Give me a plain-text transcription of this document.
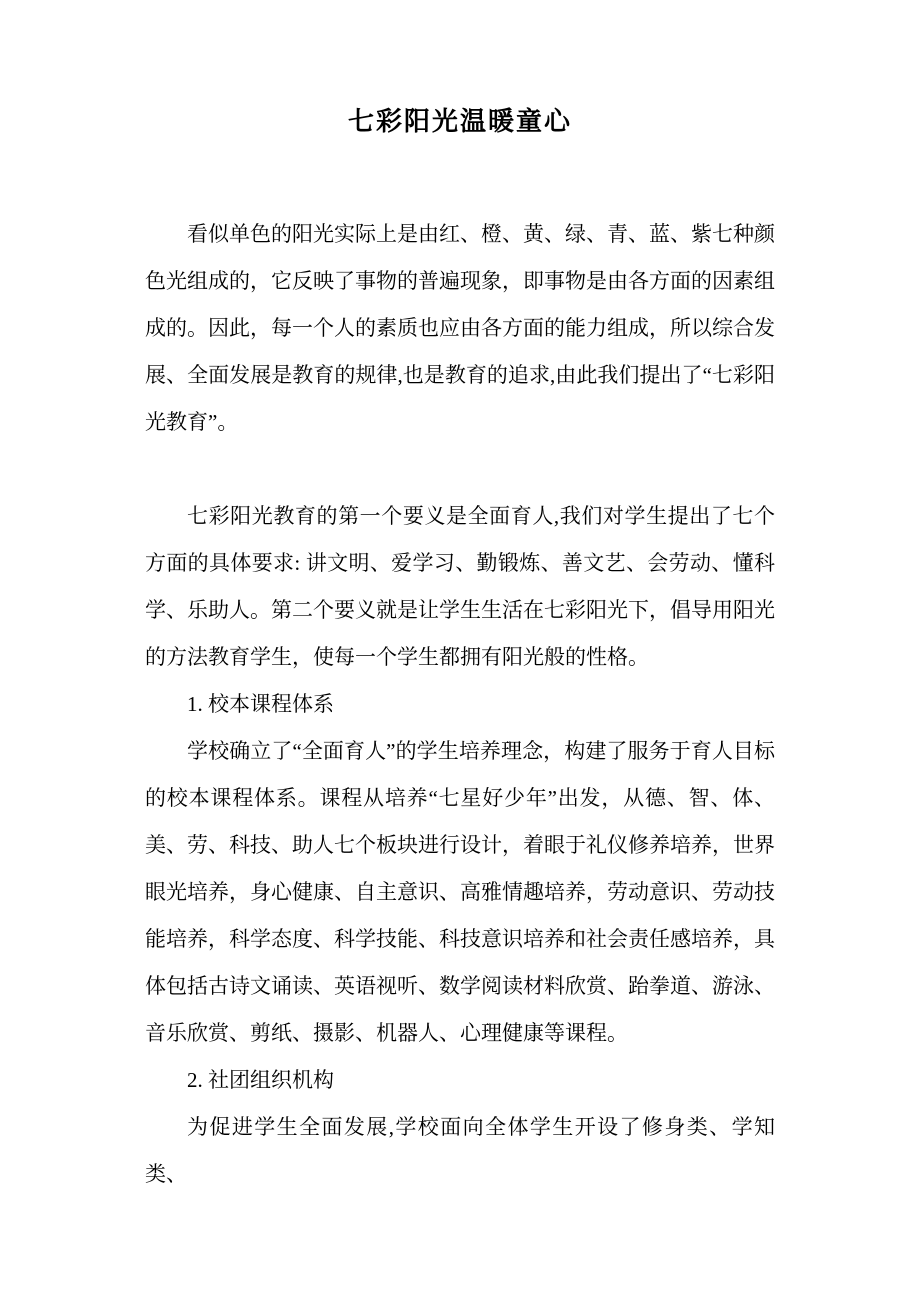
七彩阳光温暖童心

看似单色的阳光实际上是由红、橙、黄、绿、青、蓝、紫七种颜色光组成的，它反映了事物的普遍现象，即事物是由各方面的因素组成的。因此，每一个人的素质也应由各方面的能力组成，所以综合发展、全面发展是教育的规律,也是教育的追求,由此我们提出了“七彩阳光教育”。

七彩阳光教育的第一个要义是全面育人,我们对学生提出了七个方面的具体要求: 讲文明、爱学习、勤锻炼、善文艺、会劳动、懂科学、乐助人。第二个要义就是让学生生活在七彩阳光下，倡导用阳光的方法教育学生，使每一个学生都拥有阳光般的性格。

1. 校本课程体系

学校确立了“全面育人”的学生培养理念，构建了服务于育人目标的校本课程体系。课程从培养“七星好少年”出发，从德、智、体、美、劳、科技、助人七个板块进行设计，着眼于礼仪修养培养，世界眼光培养，身心健康、自主意识、高雅情趣培养，劳动意识、劳动技能培养，科学态度、科学技能、科技意识培养和社会责任感培养，具体包括古诗文诵读、英语视听、数学阅读材料欣赏、跆拳道、游泳、音乐欣赏、剪纸、摄影、机器人、心理健康等课程。

2. 社团组织机构

为促进学生全面发展,学校面向全体学生开设了修身类、学知类、
